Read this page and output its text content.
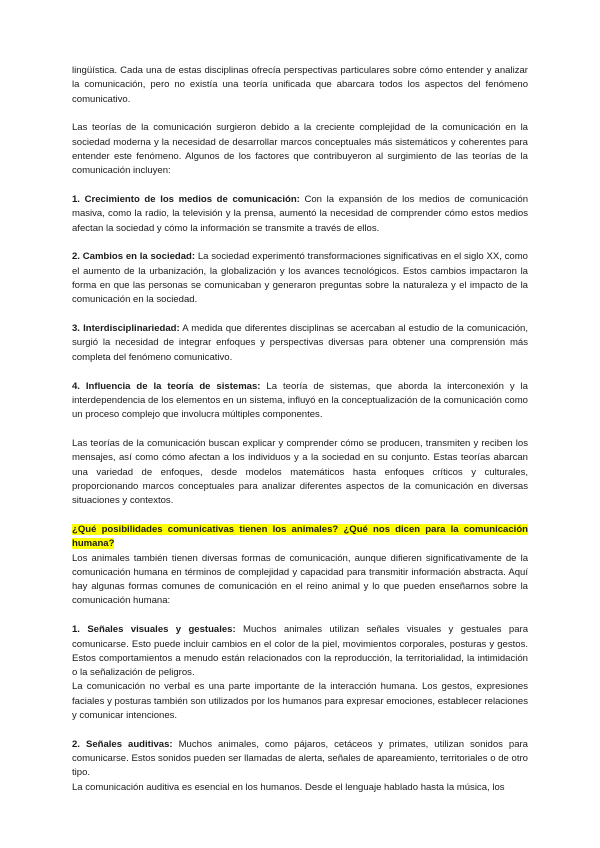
lingüística. Cada una de estas disciplinas ofrecía perspectivas particulares sobre cómo entender y analizar la comunicación, pero no existía una teoría unificada que abarcara todos los aspectos del fenómeno comunicativo.

Las teorías de la comunicación surgieron debido a la creciente complejidad de la comunicación en la sociedad moderna y la necesidad de desarrollar marcos conceptuales más sistemáticos y coherentes para entender este fenómeno. Algunos de los factores que contribuyeron al surgimiento de las teorías de la comunicación incluyen:

1. Crecimiento de los medios de comunicación: Con la expansión de los medios de comunicación masiva, como la radio, la televisión y la prensa, aumentó la necesidad de comprender cómo estos medios afectan la sociedad y cómo la información se transmite a través de ellos.

2. Cambios en la sociedad: La sociedad experimentó transformaciones significativas en el siglo XX, como el aumento de la urbanización, la globalización y los avances tecnológicos. Estos cambios impactaron la forma en que las personas se comunicaban y generaron preguntas sobre la naturaleza y el impacto de la comunicación en la sociedad.

3. Interdisciplinariedad: A medida que diferentes disciplinas se acercaban al estudio de la comunicación, surgió la necesidad de integrar enfoques y perspectivas diversas para obtener una comprensión más completa del fenómeno comunicativo.

4. Influencia de la teoría de sistemas: La teoría de sistemas, que aborda la interconexión y la interdependencia de los elementos en un sistema, influyó en la conceptualización de la comunicación como un proceso complejo que involucra múltiples componentes.

Las teorías de la comunicación buscan explicar y comprender cómo se producen, transmiten y reciben los mensajes, así como cómo afectan a los individuos y a la sociedad en su conjunto. Estas teorías abarcan una variedad de enfoques, desde modelos matemáticos hasta enfoques críticos y culturales, proporcionando marcos conceptuales para analizar diferentes aspectos de la comunicación en diversas situaciones y contextos.

¿Qué posibilidades comunicativas tienen los animales? ¿Qué nos dicen para la comunicación humana?

Los animales también tienen diversas formas de comunicación, aunque difieren significativamente de la comunicación humana en términos de complejidad y capacidad para transmitir información abstracta. Aquí hay algunas formas comunes de comunicación en el reino animal y lo que pueden enseñarnos sobre la comunicación humana:

1. Señales visuales y gestuales: Muchos animales utilizan señales visuales y gestuales para comunicarse. Esto puede incluir cambios en el color de la piel, movimientos corporales, posturas y gestos. Estos comportamientos a menudo están relacionados con la reproducción, la territorialidad, la intimidación o la señalización de peligros.

La comunicación no verbal es una parte importante de la interacción humana. Los gestos, expresiones faciales y posturas también son utilizados por los humanos para expresar emociones, establecer relaciones y comunicar intenciones.

2. Señales auditivas: Muchos animales, como pájaros, cetáceos y primates, utilizan sonidos para comunicarse. Estos sonidos pueden ser llamadas de alerta, señales de apareamiento, territoriales o de otro tipo.

La comunicación auditiva es esencial en los humanos. Desde el lenguaje hablado hasta la música, los
